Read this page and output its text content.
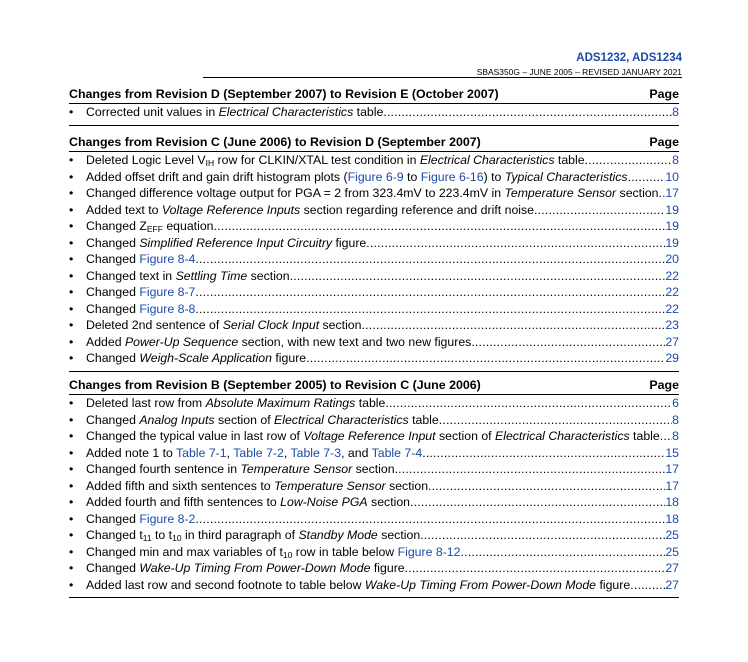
ADS1232, ADS1234
SBAS350G – JUNE 2005 – REVISED JANUARY 2021
Changes from Revision D (September 2007) to Revision E (October 2007)	Page
•	Corrected unit values in Electrical Characteristics table .....	8
Changes from Revision C (June 2006) to Revision D (September 2007)	Page
•	Deleted Logic Level $V_{IH}$ row for CLKIN/XTAL test condition in Electrical Characteristics table .....	8
•	Added offset drift and gain drift histogram plots (Figure 6-9 to Figure 6-16) to Typical Characteristics .....	10
•	Changed difference voltage output for PGA = 2 from 323.4mV to 223.4mV in Temperature Sensor section ..... 17
•	Added text to Voltage Reference Inputs section regarding reference and drift noise .....	19
•	Changed $Z_{EFF}$ equation .....	19
•	Changed Simplified Reference Input Circuitry figure .....	19
•	Changed Figure 8-4 .....	20
•	Changed text in Settling Time section .....	22
•	Changed Figure 8-7 .....	22
•	Changed Figure 8-8 .....	22
•	Deleted 2nd sentence of Serial Clock Input section .....	23
•	Added Power-Up Sequence section, with new text and two new figures .....	27
•	Changed Weigh-Scale Application figure .....	29
Changes from Revision B (September 2005) to Revision C (June 2006)	Page
•	Deleted last row from Absolute Maximum Ratings table .....	6
•	Changed Analog Inputs section of Electrical Characteristics table .....	8
•	Changed the typical value in last row of Voltage Reference Input section of Electrical Characteristics table ..... 8
•	Added note 1 to Table 7-1, Table 7-2, Table 7-3, and Table 7-4 .....	15
•	Changed fourth sentence in Temperature Sensor section .....	17
•	Added fifth and sixth sentences to Temperature Sensor section .....	17
•	Added fourth and fifth sentences to Low-Noise PGA section .....	18
•	Changed Figure 8-2 .....	18
•	Changed $t_{11}$ to $t_{10}$ in third paragraph of Standby Mode section .....	25
•	Changed min and max variables of $t_{10}$ row in table below Figure 8-12 .....	25
•	Changed Wake-Up Timing From Power-Down Mode figure .....	27
•	Added last row and second footnote to table below Wake-Up Timing From Power-Down Mode figure .....	27
